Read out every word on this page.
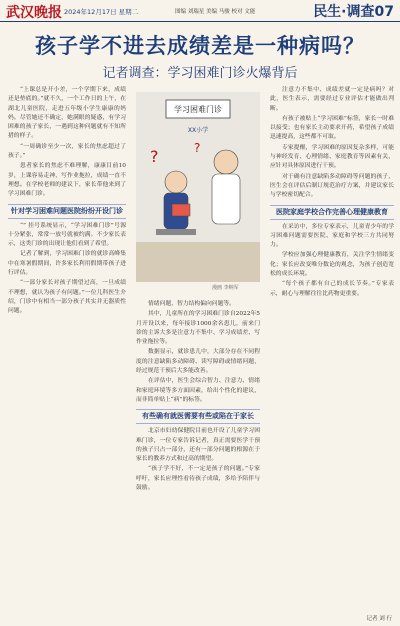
武汉晚报 2024年12月17日 星期二	图编 刘瑞星 美编 马骏 校对 文能	民生·调查07
孩子学不进去成绩差是一种病吗？
记者调查：学习困难门诊火爆背后

“上课总是开小差，一个学期下来，成绩还是垫底的。”就不久，一个工作日的上午，在湖北儿童医院，走进五年级小学生康康的妈妈。尽管她还不确定，她满眼的疑惑，有学习困难的孩子家长，一遇到这种问题就有不知所措的样子。

“一周确诊至少一次，家长的焦虑超过了孩子。”

患者家长的焦虑不难理解，康康目前10岁，上课容易走神，写作业拖拉，成绩一直不理想。在学校老师的建议下，家长带他来到了学习困难门诊。

针对学习困难问题医院纷纷开设门诊

“” 挂号系统显示，“学习困难门诊”号源十分紧张，常常一放号就被约满。不少家长表示，这类门诊的出现让他们看到了希望。

记者了解到，学习困难门诊的就诊高峰集中在寒暑假期间，许多家长利用假期带孩子进行评估。

“一部分家长对孩子期望过高，一旦成绩不理想，就认为孩子有问题。”一位儿科医生介绍，门诊中有相当一部分孩子其实并无器质性问题。

学习困难门诊
?	?
XX小学
漫画 李纳军

情绪问题，智力结构偏向问题等。

其中，儿童所在的学习困难门诊自2022年5月开设以来，每年接诊1000余名患儿，前来门诊的主诉大多是注意力不集中、学习成绩差、写作业拖拉等。

数据显示，就诊患儿中，大部分存在不同程度的注意缺陷多动障碍、读写障碍或情绪问题，经过规范干预后大多能改善。

在评估中，医生会综合智力、注意力、情绪和家庭环境等多方面因素，给出个性化的建议，而非简单贴上“病”的标签。

有些确有就医需要有些或陷在于家长

北京市妇幼保健院目前也开设了儿童学习困难门诊，一位专家告诉记者，真正需要医学干预的孩子只占一部分，还有一部分问题的根源在于家长的教养方式和过高的期望。

“孩子学不好，不一定是孩子的问题。”专家呼吁，家长应理性看待孩子成绩，多给予陪伴与鼓励。

注意力不集中、成绩差就一定是病吗？对此，医生表示，需要经过专业评估才能做出判断。

有孩子被贴上“学习困难”标签，家长一时难以接受；也有家长主动要求开药，希望孩子成绩迅速提高，这些都不可取。

专家提醒，学习困难的原因复杂多样，可能与神经发育、心理情绪、家庭教育等因素有关，应针对具体原因进行干预。

对于确有注意缺陷多动障碍等问题的孩子，医生会在评估后制订规范治疗方案，并建议家长与学校密切配合。

医院家庭学校合作完善心理健康教育

在采访中，多位专家表示，儿童青少年的学习困难问题需要医院、家庭和学校三方共同努力。

学校应加强心理健康教育，关注学生情绪变化；家长应改变唯分数论的观念，为孩子创造宽松的成长环境。

“每个孩子都有自己的成长节奏。”专家表示，耐心与理解往往比药物更重要。

记者 刘 行
